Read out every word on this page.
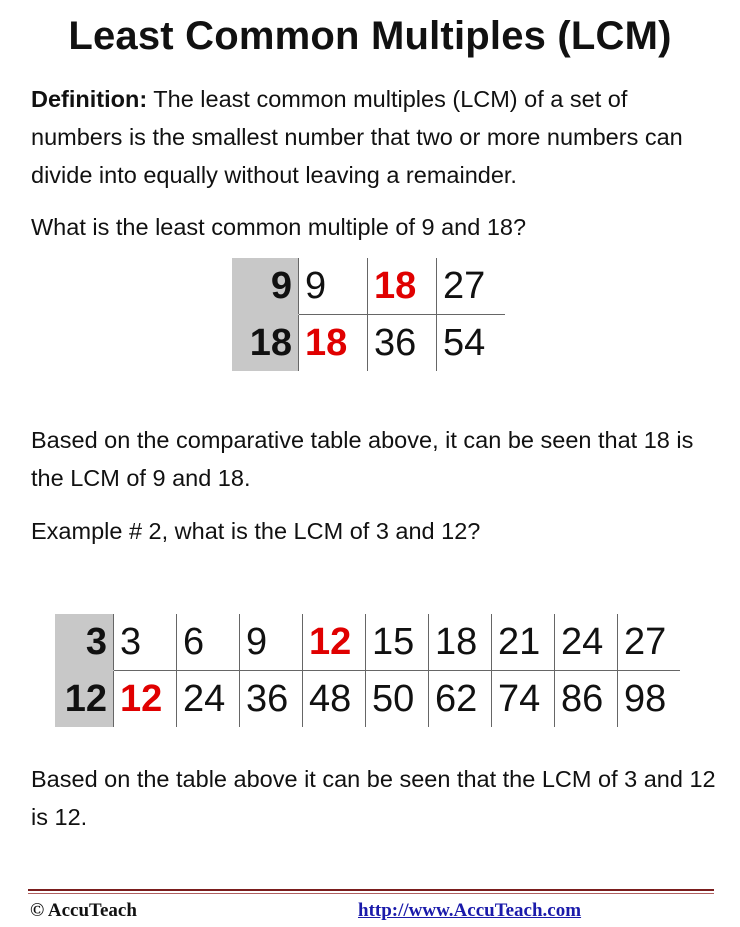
Least Common Multiples (LCM)
Definition: The least common multiples (LCM) of a set of numbers is the smallest number that two or more numbers can divide into equally without leaving a remainder.
What is the least common multiple of 9 and 18?
9	9	18	27
18	18	36	54
Based on the comparative table above, it can be seen that 18 is the LCM of 9 and 18.
Example # 2, what is the LCM of 3 and 12?
3	3	6	9	12	15	18	21	24	27
12	12	24	36	48	50	62	74	86	98
Based on the table above it can be seen that the LCM of 3 and 12 is 12.
© AccuTeach	http://www.AccuTeach.com
